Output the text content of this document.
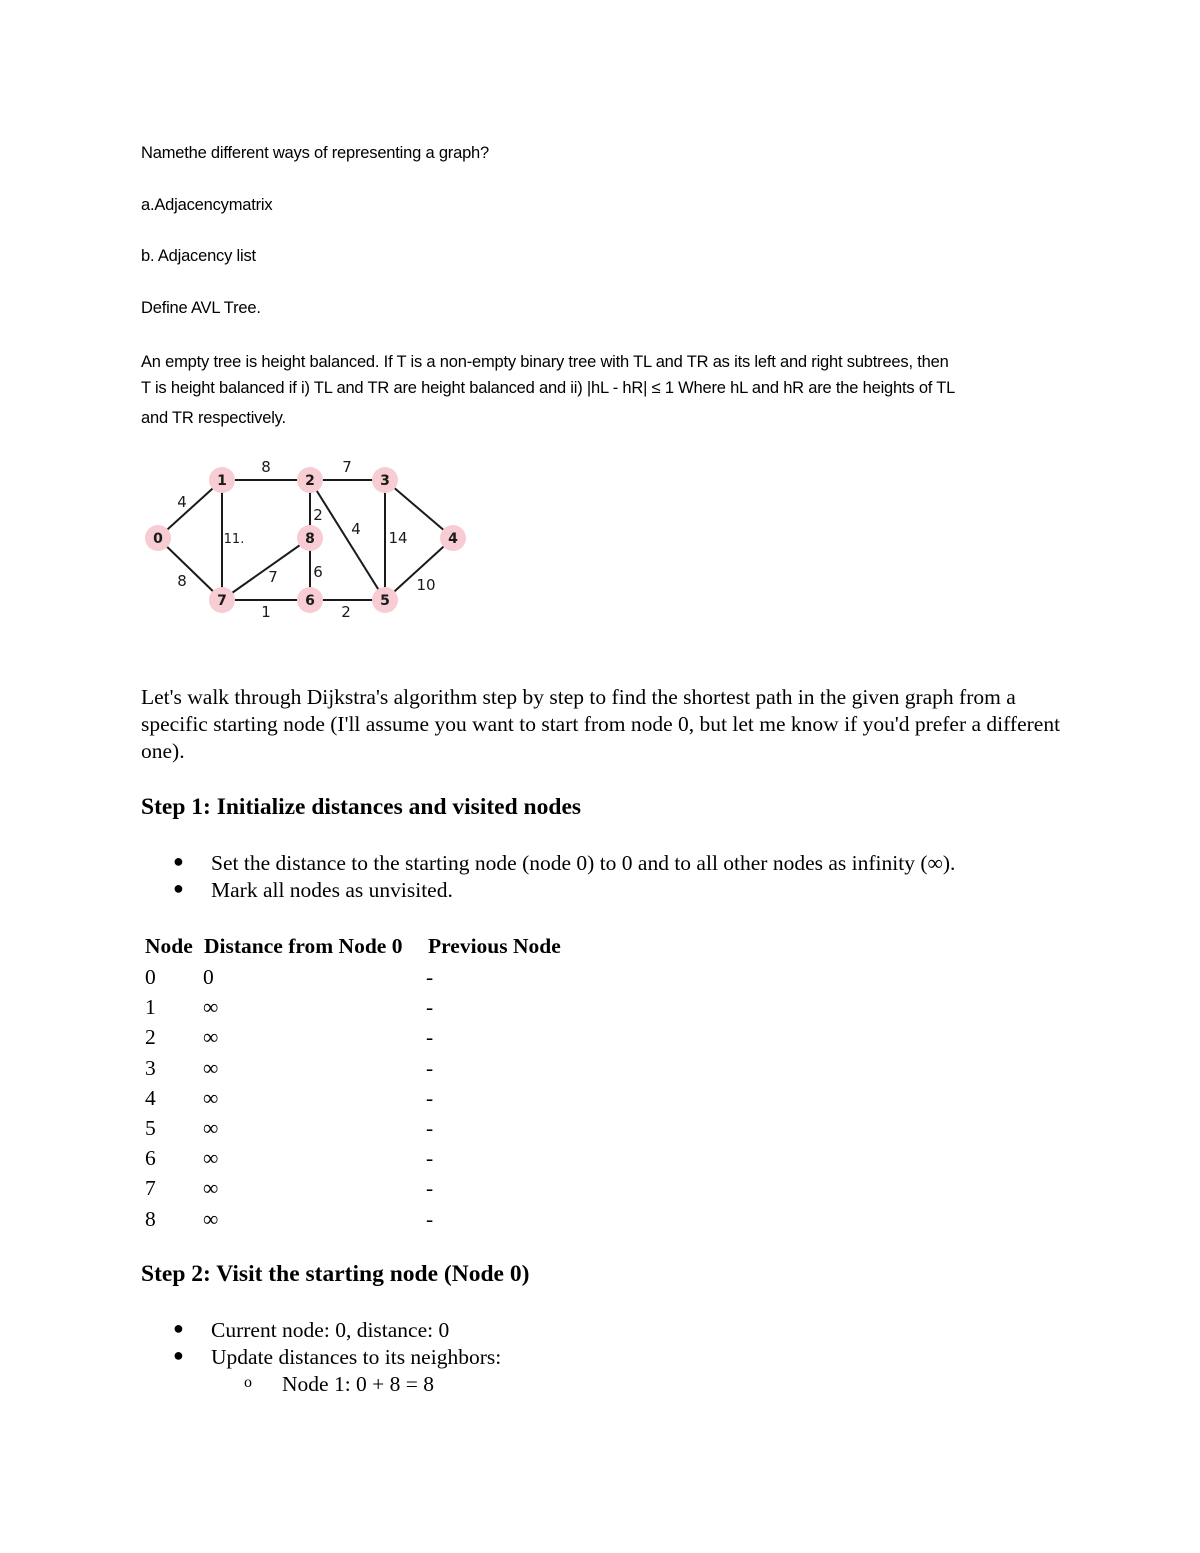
Namethe different ways of representing a graph?
a.Adjacencymatrix
b. Adjacency list
Define AVL Tree.
An empty tree is height balanced. If T is a non-empty binary tree with TL and TR as its left and right subtrees, then
T is height balanced if i) TL and TR are height balanced and ii) |hL - hR| ≤ 1 Where hL and hR are the heights of TL

and TR respectively.
4
8
8
11.
7
2
4 14
10
7 6
1	2
0
1	2	3
4
5
6
7
8
Let's walk through Dijkstra's algorithm step by step to find the shortest path in the given graph from a specific starting node (I'll assume you want to start from node 0, but let me know if you'd prefer a different one).
Step 1: Initialize distances and visited nodes
● Set the distance to the starting node (node 0) to 0 and to all other nodes as infinity (∞).
● Mark all nodes as unvisited.
Node Distance from Node 0 Previous Node
0 0	-
1 ∞	-
2 ∞	-
3 ∞	-
4 ∞	-
5 ∞	-
6 ∞	-
7 ∞	-
8 ∞	-
Step 2: Visit the starting node (Node 0)
● Current node: 0, distance: 0
● Update distances to its neighbors:
o Node 1: 0 + 8 = 8
